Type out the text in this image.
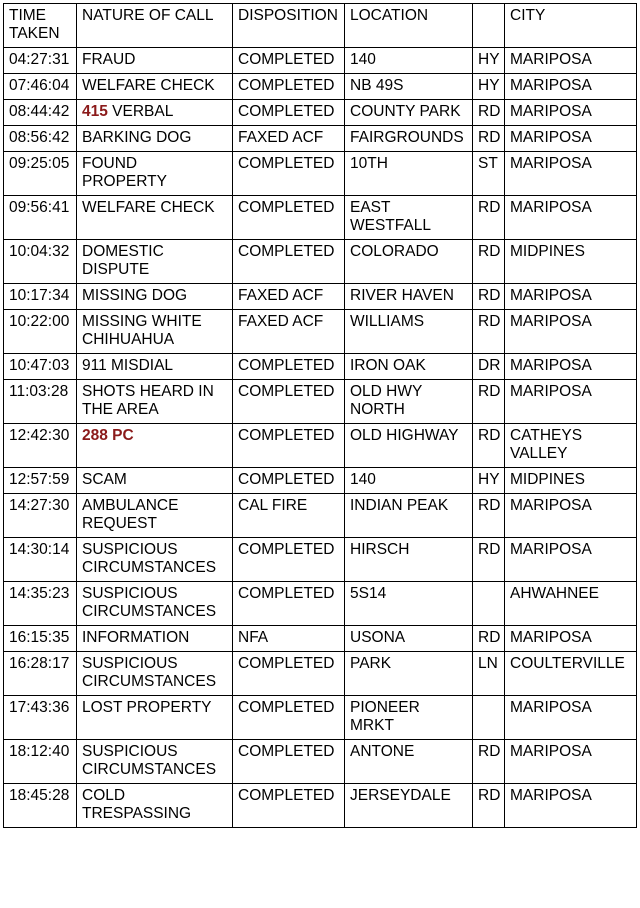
TIME
TAKEN	NATURE OF CALL	DISPOSITION	LOCATION		CITY
04:27:31	FRAUD	COMPLETED	140	HY	MARIPOSA
07:46:04	WELFARE CHECK	COMPLETED	NB 49S	HY	MARIPOSA
08:44:42	415 VERBAL	COMPLETED	COUNTY PARK	RD	MARIPOSA
08:56:42	BARKING DOG	FAXED ACF	FAIRGROUNDS	RD	MARIPOSA
09:25:05	FOUND
PROPERTY	COMPLETED	10TH	ST	MARIPOSA
09:56:41	WELFARE CHECK	COMPLETED	EAST
WESTFALL	RD	MARIPOSA
10:04:32	DOMESTIC
DISPUTE	COMPLETED	COLORADO	RD	MIDPINES
10:17:34	MISSING DOG	FAXED ACF	RIVER HAVEN	RD	MARIPOSA
10:22:00	MISSING WHITE
CHIHUAHUA	FAXED ACF	WILLIAMS	RD	MARIPOSA
10:47:03	911 MISDIAL	COMPLETED	IRON OAK	DR	MARIPOSA
11:03:28	SHOTS HEARD IN
THE AREA	COMPLETED	OLD HWY
NORTH	RD	MARIPOSA
12:42:30	288 PC	COMPLETED	OLD HIGHWAY	RD	CATHEYS
VALLEY
12:57:59	SCAM	COMPLETED	140	HY	MIDPINES
14:27:30	AMBULANCE
REQUEST	CAL FIRE	INDIAN PEAK	RD	MARIPOSA
14:30:14	SUSPICIOUS
CIRCUMSTANCES	COMPLETED	HIRSCH	RD	MARIPOSA
14:35:23	SUSPICIOUS
CIRCUMSTANCES	COMPLETED	5S14		AHWAHNEE
16:15:35	INFORMATION	NFA	USONA	RD	MARIPOSA
16:28:17	SUSPICIOUS
CIRCUMSTANCES	COMPLETED	PARK	LN	COULTERVILLE
17:43:36	LOST PROPERTY	COMPLETED	PIONEER
MRKT		MARIPOSA
18:12:40	SUSPICIOUS
CIRCUMSTANCES	COMPLETED	ANTONE	RD	MARIPOSA
18:45:28	COLD
TRESPASSING	COMPLETED	JERSEYDALE	RD	MARIPOSA
